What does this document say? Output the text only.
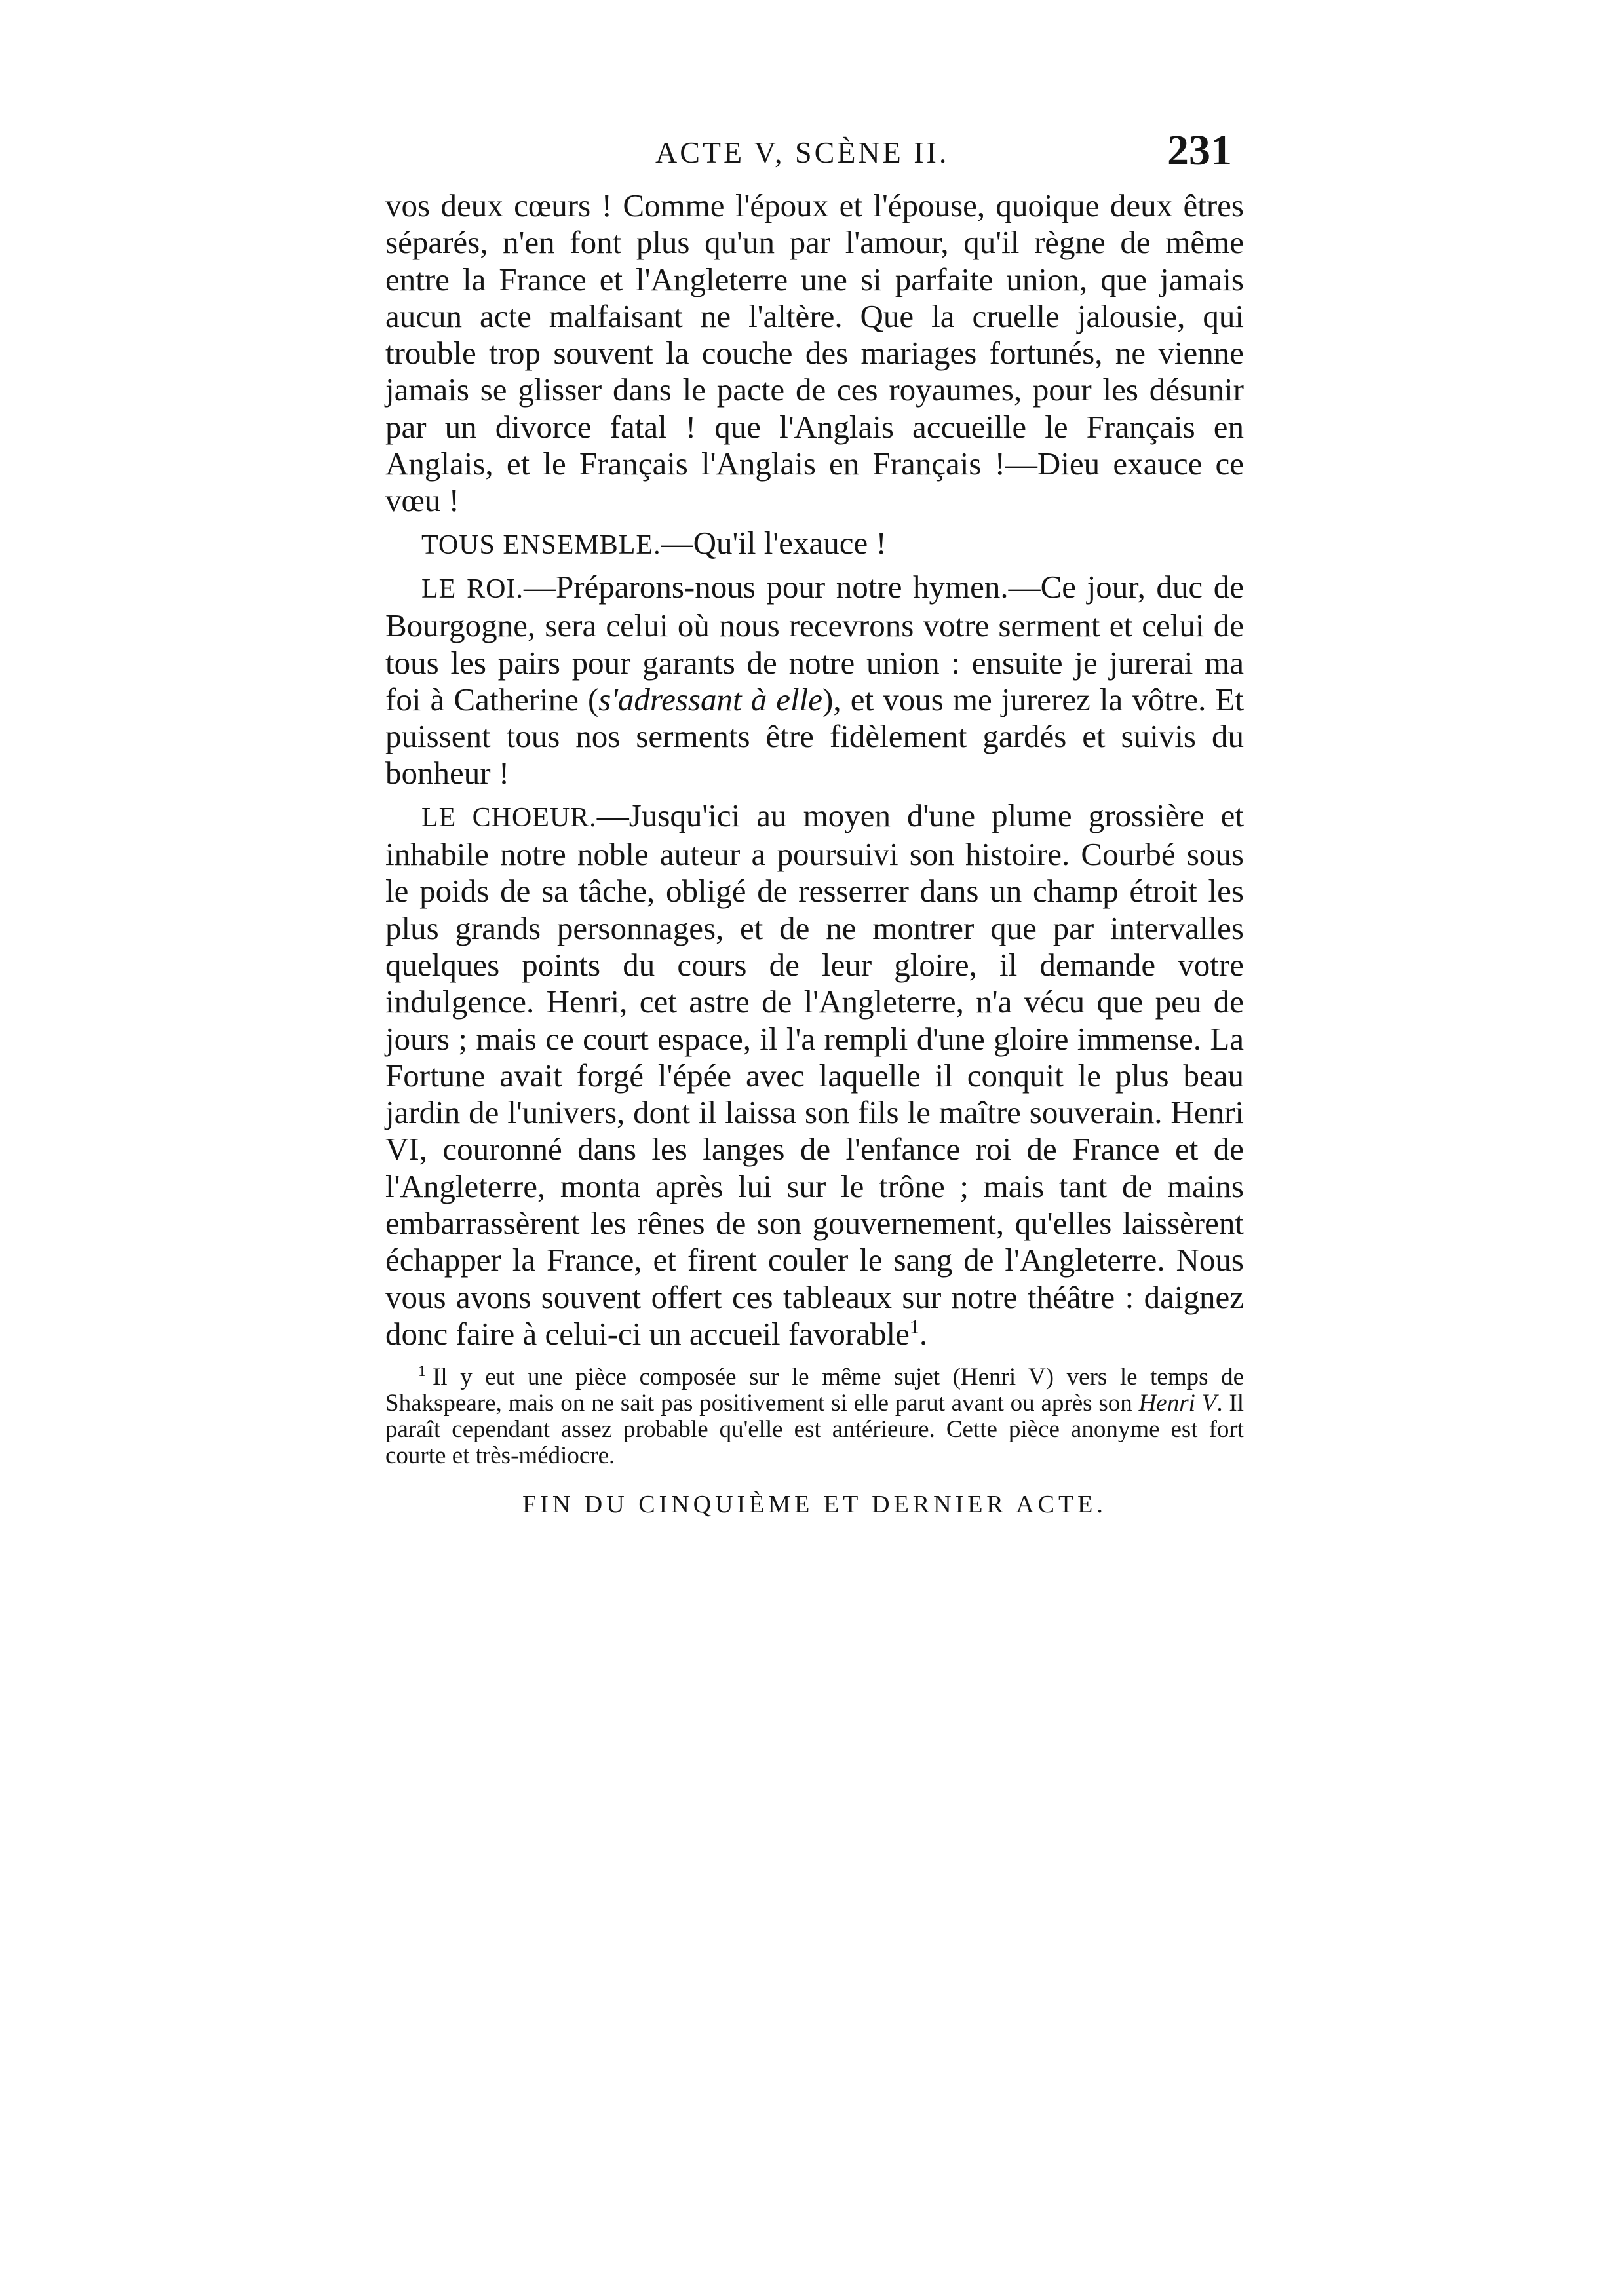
ACTE V, SCÈNE II.	231

vos deux cœurs ! Comme l'époux et l'épouse, quoique deux êtres séparés, n'en font plus qu'un par l'amour, qu'il règne de même entre la France et l'Angleterre une si parfaite union, que jamais aucun acte malfaisant ne l'altère. Que la cruelle jalousie, qui trouble trop souvent la couche des mariages fortunés, ne vienne jamais se glisser dans le pacte de ces royaumes, pour les désunir par un divorce fatal ! que l'Anglais accueille le Français en Anglais, et le Français l'Anglais en Français !—Dieu exauce ce vœu !

TOUS ENSEMBLE.—Qu'il l'exauce !

LE ROI.—Préparons-nous pour notre hymen.—Ce jour, duc de Bourgogne, sera celui où nous recevrons votre serment et celui de tous les pairs pour garants de notre union : ensuite je jurerai ma foi à Catherine (s'adressant à elle), et vous me jurerez la vôtre. Et puissent tous nos serments être fidèlement gardés et suivis du bonheur !

LE CHOEUR.—Jusqu'ici au moyen d'une plume grossière et inhabile notre noble auteur a poursuivi son histoire. Courbé sous le poids de sa tâche, obligé de resserrer dans un champ étroit les plus grands personnages, et de ne montrer que par intervalles quelques points du cours de leur gloire, il demande votre indulgence. Henri, cet astre de l'Angleterre, n'a vécu que peu de jours ; mais ce court espace, il l'a rempli d'une gloire immense. La Fortune avait forgé l'épée avec laquelle il conquit le plus beau jardin de l'univers, dont il laissa son fils le maître souverain. Henri VI, couronné dans les langes de l'enfance roi de France et de l'Angleterre, monta après lui sur le trône ; mais tant de mains embarrassèrent les rênes de son gouvernement, qu'elles laissèrent échapper la France, et firent couler le sang de l'Angleterre. Nous vous avons souvent offert ces tableaux sur notre théâtre : daignez donc faire à celui-ci un accueil favorable$^1$.

$^1$ Il y eut une pièce composée sur le même sujet (Henri V) vers le temps de Shakspeare, mais on ne sait pas positivement si elle parut avant ou après son Henri V. Il paraît cependant assez probable qu'elle est antérieure. Cette pièce anonyme est fort courte et très-médiocre.

FIN DU CINQUIÈME ET DERNIER ACTE.
